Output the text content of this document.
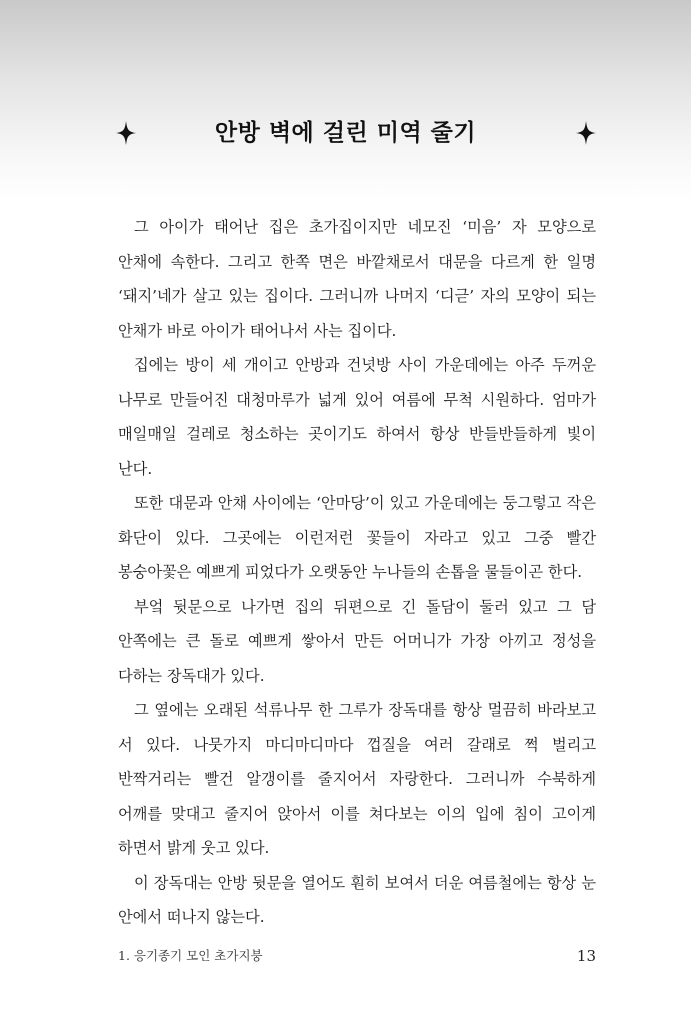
안방 벽에 걸린 미역 줄기

그 아이가 태어난 집은 초가집이지만 네모진 ‘미음’ 자 모양으로 안채에 속한다. 그리고 한쪽 면은 바깥채로서 대문을 다르게 한 일명 ‘돼지’네가 살고 있는 집이다. 그러니까 나머지 ‘디귿’ 자의 모양이 되는 안채가 바로 아이가 태어나서 사는 집이다.

집에는 방이 세 개이고 안방과 건넛방 사이 가운데에는 아주 두꺼운 나무로 만들어진 대청마루가 넓게 있어 여름에 무척 시원하다. 엄마가 매일매일 걸레로 청소하는 곳이기도 하여서 항상 반들반들하게 빛이 난다.

또한 대문과 안채 사이에는 ‘안마당’이 있고 가운데에는 둥그렇고 작은 화단이 있다. 그곳에는 이런저런 꽃들이 자라고 있고 그중 빨간 봉숭아꽃은 예쁘게 피었다가 오랫동안 누나들의 손톱을 물들이곤 한다.

부엌 뒷문으로 나가면 집의 뒤편으로 긴 돌담이 둘러 있고 그 담 안쪽에는 큰 돌로 예쁘게 쌓아서 만든 어머니가 가장 아끼고 정성을 다하는 장독대가 있다.

그 옆에는 오래된 석류나무 한 그루가 장독대를 항상 멀끔히 바라보고 서 있다. 나뭇가지 마디마디마다 껍질을 여러 갈래로 쩍 벌리고 반짝거리는 빨건 알갱이를 줄지어서 자랑한다. 그러니까 수북하게 어깨를 맞대고 줄지어 앉아서 이를 쳐다보는 이의 입에 침이 고이게 하면서 밝게 웃고 있다.

이 장독대는 안방 뒷문을 열어도 훤히 보여서 더운 여름철에는 항상 눈 안에서 떠나지 않는다.

1. 응기종기 모인 초가지붕	13
